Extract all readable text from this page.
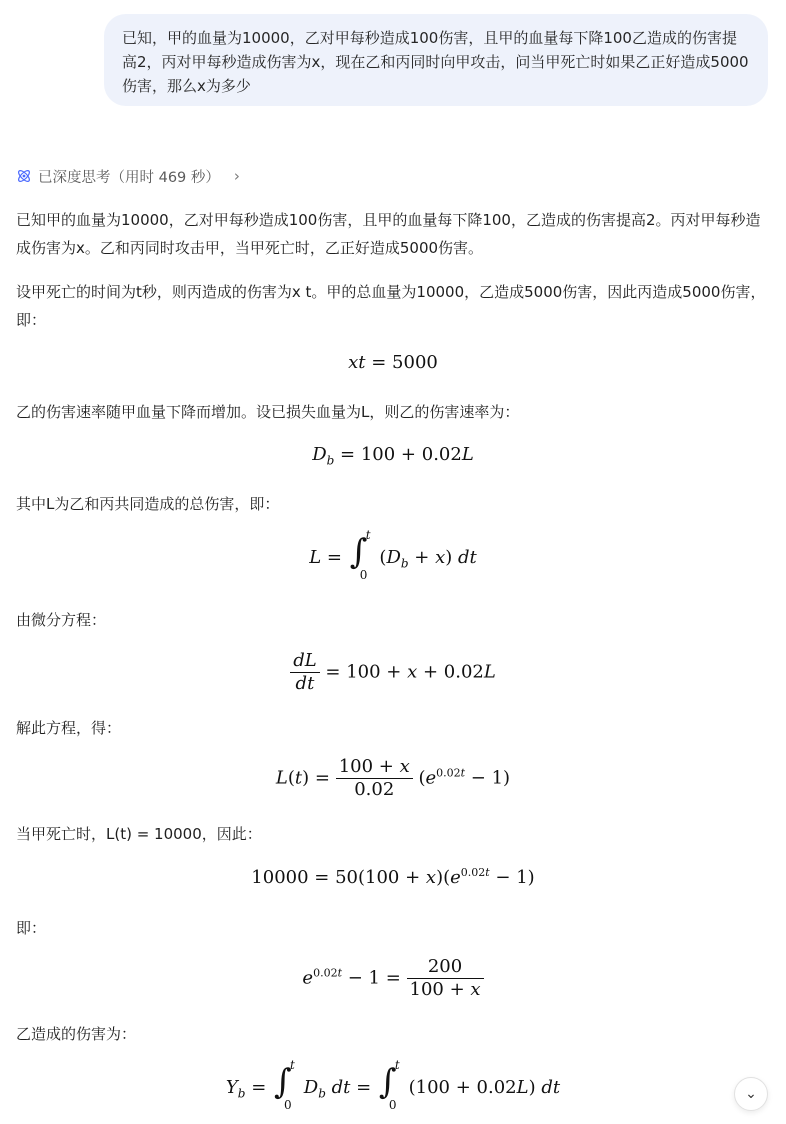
已知，甲的血量为10000，乙对甲每秒造成100伤害，且甲的血量每下降100乙造成的伤害提高2，丙对甲每秒造成伤害为x，现在乙和丙同时向甲攻击，问当甲死亡时如果乙正好造成5000伤害，那么x为多少
已深度思考（用时 469 秒） ›
已知甲的血量为10000，乙对甲每秒造成100伤害，且甲的血量每下降100，乙造成的伤害提高2。丙对甲每秒造成伤害为x。乙和丙同时攻击甲，当甲死亡时，乙正好造成5000伤害。
设甲死亡的时间为t秒，则丙造成的伤害为x t。甲的总血量为10000，乙造成5000伤害，因此丙造成5000伤害，即：
xt = 5000
乙的伤害速率随甲血量下降而增加。设已损失血量为L，则乙的伤害速率为：
$D_b = 100 + 0.02L$
其中L为乙和丙共同造成的总伤害，即：
L = ∫
t
0
$(D_b + x)$ dt
由微分方程：
$\frac{dL}{dt} = 100 + x + 0.02L$
解此方程，得：
$L(t) = \frac{100 + x}{0.02} (e^{0.02t} - 1)$
当甲死亡时，L(t) = 10000，因此：
$10000 = 50(100 + x)(e^{0.02t} - 1)$
即：
$e^{0.02t} - 1 = \frac{200}{100 + x}$
乙造成的伤害为：
$Y_b$ = ∫
t
0
$D_b$ dt = ∫
t
0
(100 + 0.02L) dt	⌄
